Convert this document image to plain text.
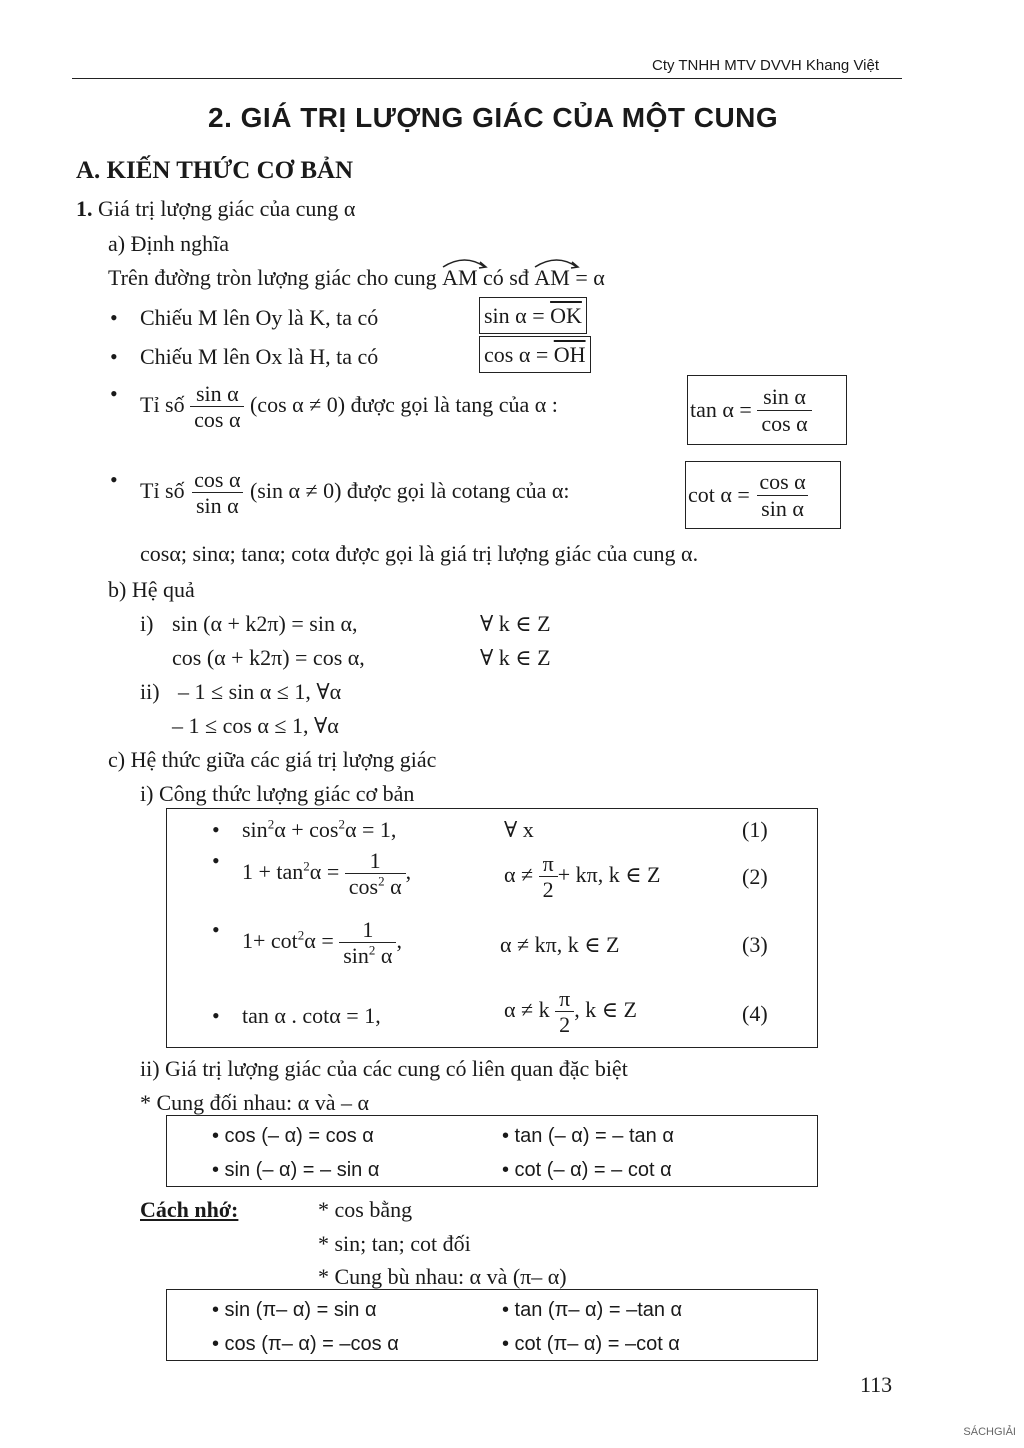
Cty TNHH MTV DVVH Khang Việt
2. GIÁ TRỊ LƯỢNG GIÁC CỦA MỘT CUNG
A. KIẾN THỨC CƠ BẢN
1. Giá trị lượng giác của cung α
a) Định nghĩa
Trên đường tròn lượng giác cho cung AM có sđ AM = α
• Chiếu M lên Oy là K, ta có	$\sin \alpha = \overline{OK}$
• Chiếu M lên Ox là H, ta có	$\cos \alpha = \overline{OH}$
• Tỉ số $\frac{\text{sin α}}{\text{cos α}} (\cos$ α ≠ 0) được gọi là tang của α :	tan α =
$\frac{\text{sin α}}{\text{cos α}}$
• Tỉ số $\frac{\text{cos α}}{\text{sin α}} (\sin$ α ≠ 0) được gọi là cotang của α:	cot α =
$\frac{\text{cos α}}{\text{sin α}}$
cosα; sinα; tanα; cotα được gọi là giá trị lượng giác của cung α.
b) Hệ quả
i) sin (α + k2π) = sin α,	∀ k ∈ Z
cos (α + k2π) = cos α,	∀ k ∈ Z
ii) – 1 ≤ sin α ≤ 1, ∀α
– 1 ≤ cos α ≤ 1, ∀α
c) Hệ thức giữa các giá trị lượng giác
i) Công thức lượng giác cơ bản
• $\sin^2\alpha + \cos^2\alpha = 1$,	∀ x	(1)
• $1 + \tan^2\alpha = \frac{1}{\cos^2 \alpha}$ ,	$\alpha \ne \frac{\pi}{2} + k\pi$, k ∈ Z	(2)
• $1+ \cot^2\alpha = \frac{1}{\sin^2 \alpha}$ ,	α ≠ kπ, k ∈ Z	(3)
• tan α . cotα = 1,	α ≠ k $\frac{\pi}{2}$ , k ∈ Z	(4)
ii) Giá trị lượng giác của các cung có liên quan đặc biệt
* Cung đối nhau: α và – α
• cos (– α) = cos α	• tan (– α) = – tan α
• sin (– α) = – sin α	• cot (– α) = – cot α
Cách nhớ:	* cos bằng
* sin; tan; cot đối
* Cung bù nhau: α và (π– α)
• sin (π– α) = sin α	• tan (π– α) = –tan α
• cos (π– α) = –cos α	• cot (π– α) = –cot α
113
SÁCHGIẢI
